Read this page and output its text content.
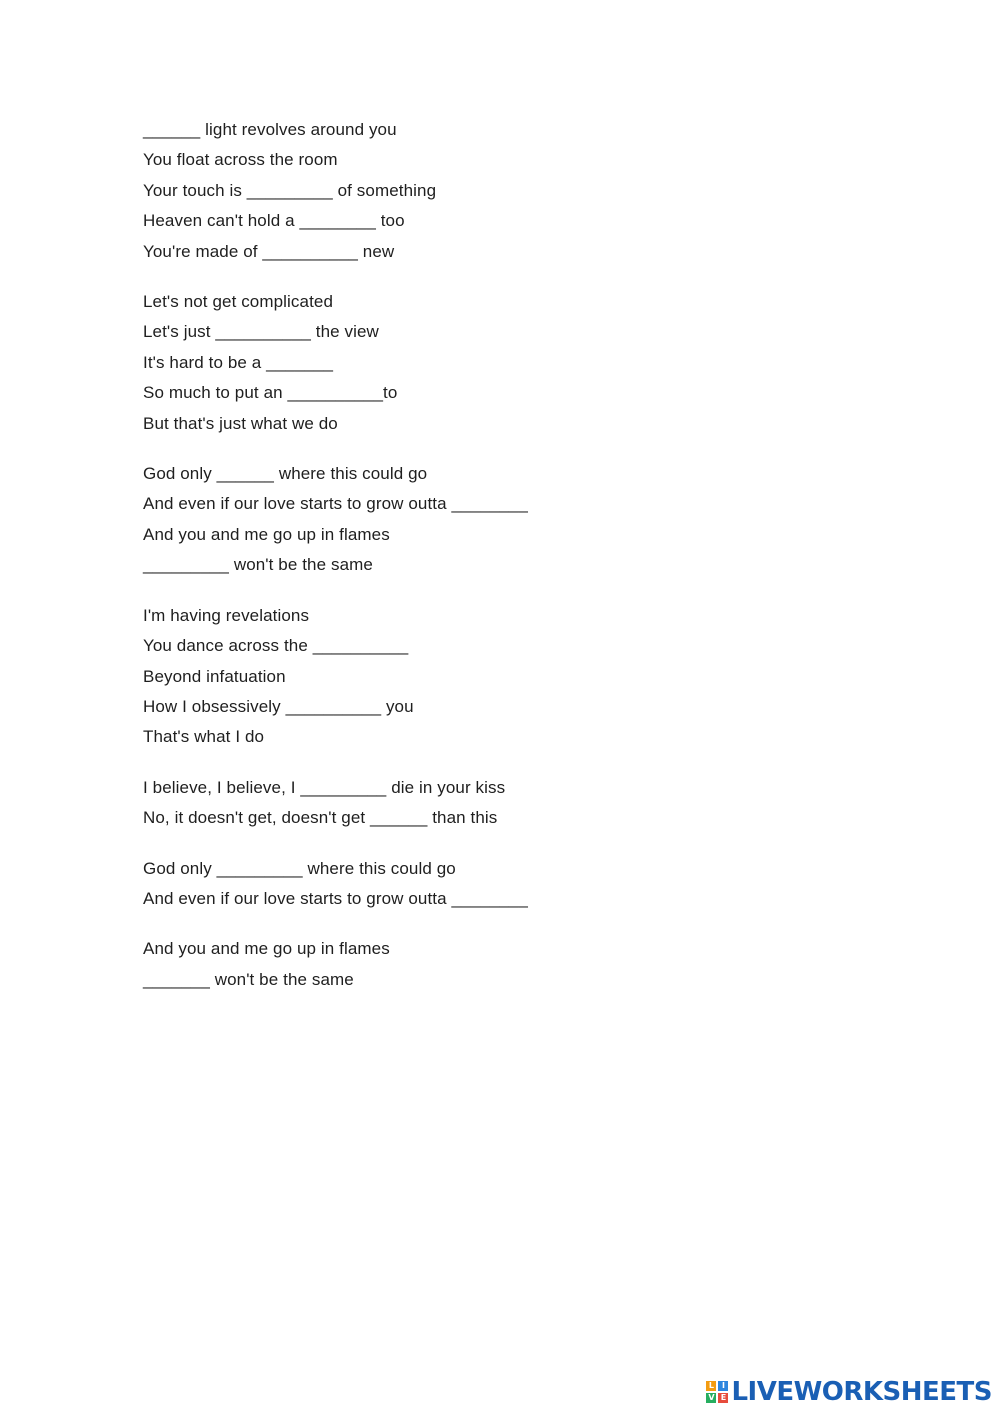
______ light revolves around you
You float across the room
Your touch is _________ of something
Heaven can't hold a ________ too
You're made of __________ new
Let's not get complicated
Let's just __________ the view
It's hard to be a _______
So much to put an __________to
But that's just what we do
God only ______ where this could go
And even if our love starts to grow outta ________
And you and me go up in flames
_________ won't be the same
I'm having revelations
You dance across the __________
Beyond infatuation
How I obsessively __________ you
That's what I do
I believe, I believe, I _________ die in your kiss
No, it doesn't get, doesn't get ______ than this
God only _________ where this could go
And even if our love starts to grow outta ________
And you and me go up in flames
_______ won't be the same
L I
V E LIVEWORKSHEETS
